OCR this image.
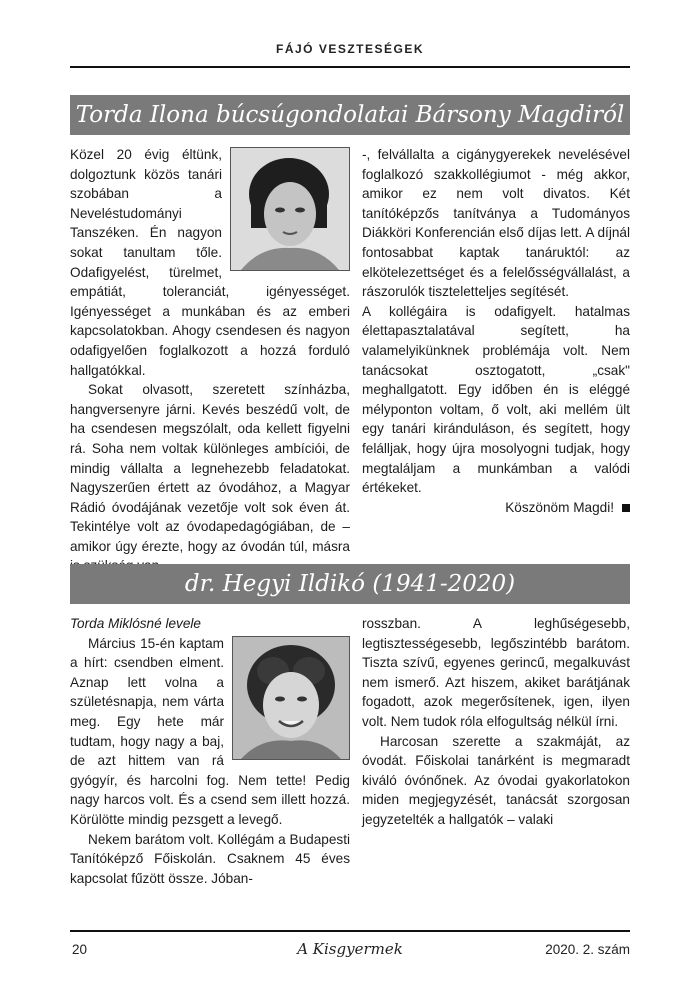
FÁJÓ VESZTESÉGEK
Torda Ilona búcsúgondolatai Bársony Magdiról

Közel 20 évig éltünk, dolgoztunk közös tanári szobában a Neveléstudományi Tanszéken. Én nagyon sokat tanultam tőle. Odafigyelést, türelmet, empátiát, toleranciát, igényességet. Igényességet a munkában és az emberi kapcsolatokban. Ahogy csendesen és nagyon odafigyelően foglalkozott a hozzá forduló hallgatókkal.

Sokat olvasott, szeretett színházba, hangversenyre járni. Kevés beszédű volt, de ha csendesen megszólalt, oda kellett figyelni rá. Soha nem voltak különleges ambíciói, de mindig vállalta a legnehezebb feladatokat. Nagyszerűen értett az óvodához, a Magyar Rádió óvodájának vezetője volt sok éven át. Tekintélye volt az óvodapedagógiában, de – amikor úgy érezte, hogy az óvodán túl, másra

-, felvállalta a cigánygyerekek nevelésével foglalkozó szakkollégiumot - még akkor, amikor ez nem volt divatos. Két tanítóképzős tanítványa a Tudományos Diákköri Konferencián első díjas lett. A díjnál fontosabbat kaptak tanáruktól: az elkötelezettséget és a felelősségvállalást, a rászorulók tiszteletteljes segítését.

A kollégáira is odafigyelt. hatalmas élettapasztalatával segített, ha valamelyikünknek problémája volt. Nem tanácsokat osztogatott, „csak" meghallgatott. Egy időben én is eléggé mélyponton voltam, ő volt, aki mellém ült egy tanári kiránduláson, és segített, hogy felálljak, hogy újra mosolyogni tudjak, hogy megtaláljam a munkámban a valódi értékeket.

Köszönöm Magdi!

dr. Hegyi Ildikó (1941-2020)

Torda Miklósné levele

Március 15-én kaptam a hírt: csendben elment. Aznap lett volna a születésnapja, nem várta meg. Egy hete már tudtam, hogy nagy a baj, de azt hittem van rá gyógyír, és harcolni fog. Nem tette! Pedig nagy harcos volt. És a csend sem illett hozzá. Körülötte mindig pezsgett a levegő.

Nekem barátom volt. Kollégám a Budapesti Tanítóképző Főiskolán. Csaknem 45 éves kapcsolat fűzött össze. Jóban-

rosszban. A leghűségesebb, legtisztességesebb, legőszintébb barátom. Tiszta szívű, egyenes gerincű, megalkuvást nem ismerő. Azt hiszem, akiket barátjának fogadott, azok megerősítenek, igen, ilyen volt. Nem tudok róla elfogultság nélkül írni.

Harcosan szerette a szakmáját, az óvodát. Főiskolai tanárként is megmaradt kiváló óvónőnek. Az óvodai gyakorlatokon miden megjegyzését, tanácsát szorgosan jegyzetelték a hallgatók – valaki

20	A Kisgyermek	2020. 2. szám
